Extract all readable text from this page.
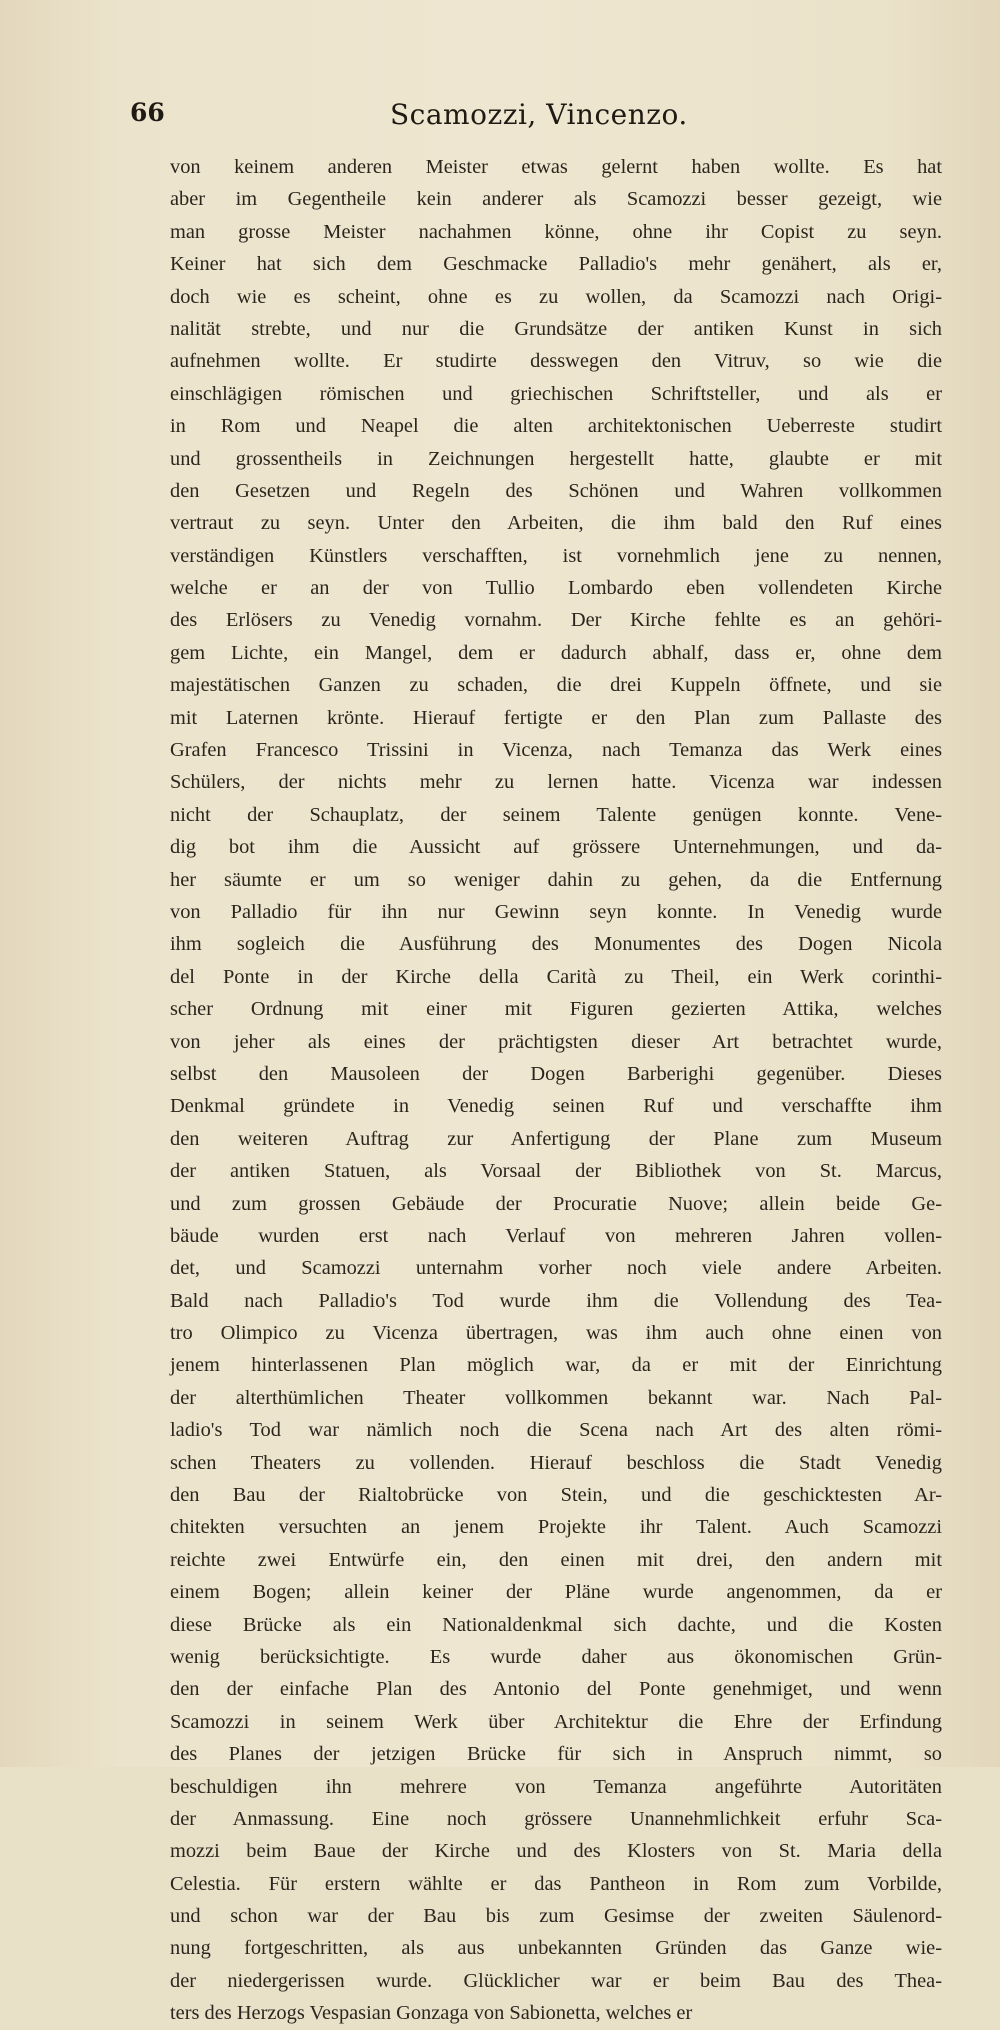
66	Scamozzi, Vincenzo.
von keinem anderen Meister etwas gelernt haben wollte. Es hat
aber im Gegentheile kein anderer als Scamozzi besser gezeigt, wie
man grosse Meister nachahmen könne, ohne ihr Copist zu seyn.
Keiner hat sich dem Geschmacke Palladio's mehr genähert, als er,
doch wie es scheint, ohne es zu wollen, da Scamozzi nach Origi-
nalität strebte, und nur die Grundsätze der antiken Kunst in sich
aufnehmen wollte. Er studirte desswegen den Vitruv, so wie die
einschlägigen römischen und griechischen Schriftsteller, und als er
in Rom und Neapel die alten architektonischen Ueberreste studirt
und grossentheils in Zeichnungen hergestellt hatte, glaubte er mit
den Gesetzen und Regeln des Schönen und Wahren vollkommen
vertraut zu seyn. Unter den Arbeiten, die ihm bald den Ruf eines
verständigen Künstlers verschafften, ist vornehmlich jene zu nennen,
welche er an der von Tullio Lombardo eben vollendeten Kirche
des Erlösers zu Venedig vornahm. Der Kirche fehlte es an gehöri-
gem Lichte, ein Mangel, dem er dadurch abhalf, dass er, ohne dem
majestätischen Ganzen zu schaden, die drei Kuppeln öffnete, und sie
mit Laternen krönte. Hierauf fertigte er den Plan zum Pallaste des
Grafen Francesco Trissini in Vicenza, nach Temanza das Werk eines
Schülers, der nichts mehr zu lernen hatte. Vicenza war indessen
nicht der Schauplatz, der seinem Talente genügen konnte. Vene-
dig bot ihm die Aussicht auf grössere Unternehmungen, und da-
her säumte er um so weniger dahin zu gehen, da die Entfernung
von Palladio für ihn nur Gewinn seyn konnte. In Venedig wurde
ihm sogleich die Ausführung des Monumentes des Dogen Nicola
del Ponte in der Kirche della Carità zu Theil, ein Werk corinthi-
scher Ordnung mit einer mit Figuren gezierten Attika, welches
von jeher als eines der prächtigsten dieser Art betrachtet wurde,
selbst den Mausoleen der Dogen Barberighi gegenüber. Dieses
Denkmal gründete in Venedig seinen Ruf und verschaffte ihm
den weiteren Auftrag zur Anfertigung der Plane zum Museum
der antiken Statuen, als Vorsaal der Bibliothek von St. Marcus,
und zum grossen Gebäude der Procuratie Nuove; allein beide Ge-
bäude wurden erst nach Verlauf von mehreren Jahren vollen-
det, und Scamozzi unternahm vorher noch viele andere Arbeiten.
Bald nach Palladio's Tod wurde ihm die Vollendung des Tea-
tro Olimpico zu Vicenza übertragen, was ihm auch ohne einen von
jenem hinterlassenen Plan möglich war, da er mit der Einrichtung
der alterthümlichen Theater vollkommen bekannt war. Nach Pal-
ladio's Tod war nämlich noch die Scena nach Art des alten römi-
schen Theaters zu vollenden. Hierauf beschloss die Stadt Venedig
den Bau der Rialtobrücke von Stein, und die geschicktesten Ar-
chitekten versuchten an jenem Projekte ihr Talent. Auch Scamozzi
reichte zwei Entwürfe ein, den einen mit drei, den andern mit
einem Bogen; allein keiner der Pläne wurde angenommen, da er
diese Brücke als ein Nationaldenkmal sich dachte, und die Kosten
wenig berücksichtigte. Es wurde daher aus ökonomischen Grün-
den der einfache Plan des Antonio del Ponte genehmiget, und wenn
Scamozzi in seinem Werk über Architektur die Ehre der Erfindung
des Planes der jetzigen Brücke für sich in Anspruch nimmt, so
beschuldigen ihn mehrere von Temanza angeführte Autoritäten
der Anmassung. Eine noch grössere Unannehmlichkeit erfuhr Sca-
mozzi beim Baue der Kirche und des Klosters von St. Maria della
Celestia. Für erstern wählte er das Pantheon in Rom zum Vorbilde,
und schon war der Bau bis zum Gesimse der zweiten Säulenord-
nung fortgeschritten, als aus unbekannten Gründen das Ganze wie-
der niedergerissen wurde. Glücklicher war er beim Bau des Thea-
ters des Herzogs Vespasian Gonzaga von Sabionetta, welches er
